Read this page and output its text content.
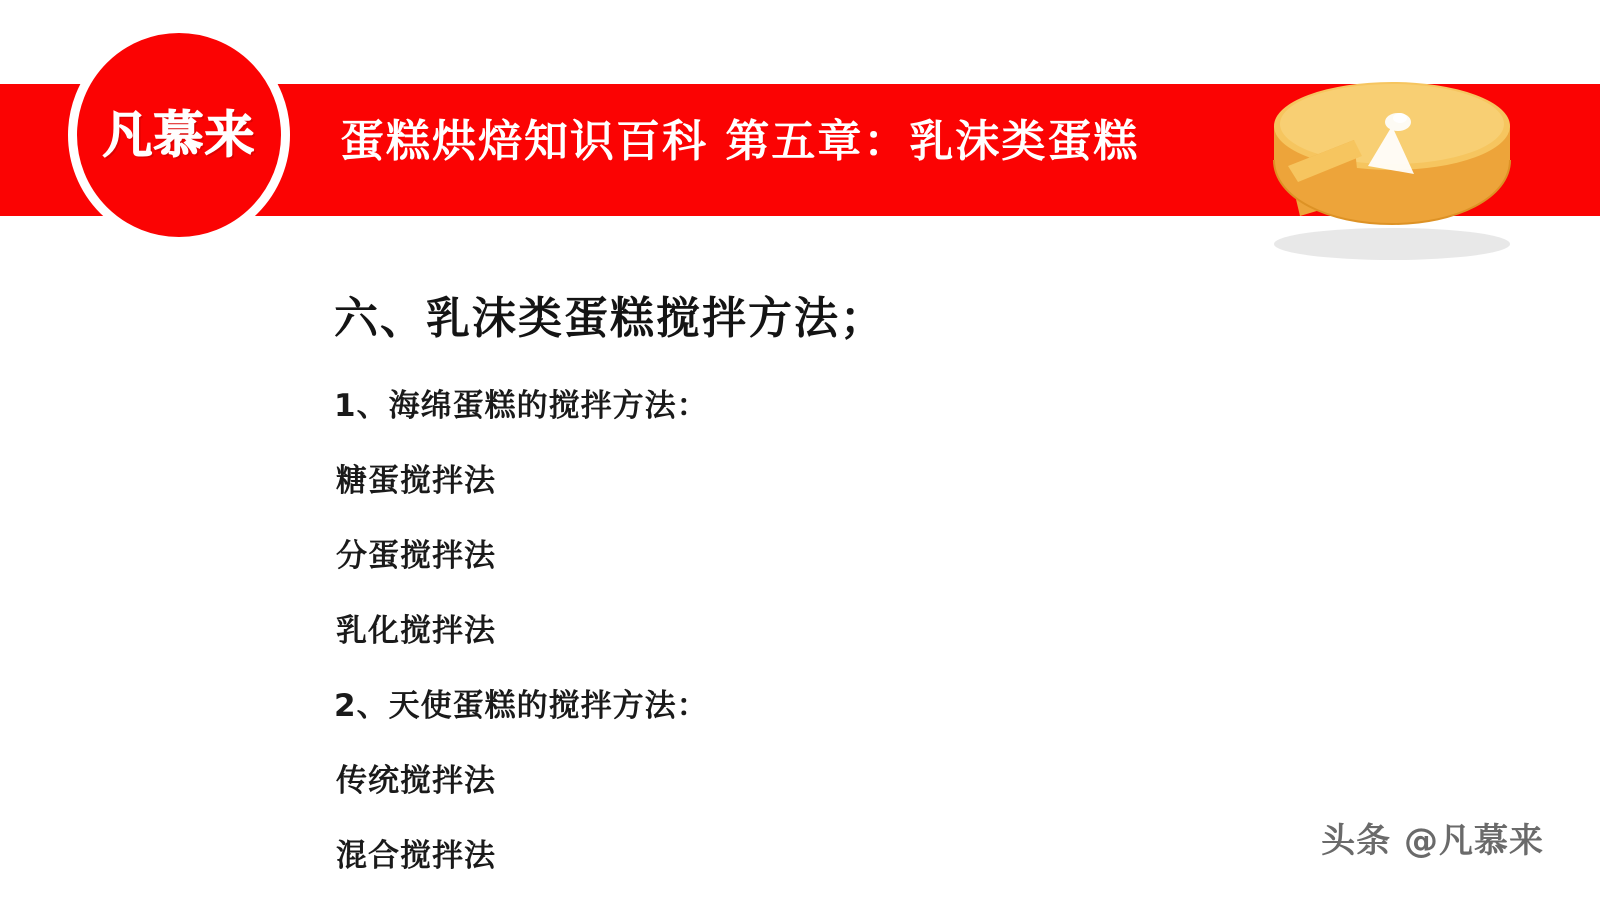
凡慕来 蛋糕烘焙知识百科 第五章：乳沫类蛋糕
六、乳沫类蛋糕搅拌方法；

1、海绵蛋糕的搅拌方法：

糖蛋搅拌法

分蛋搅拌法

乳化搅拌法

2、天使蛋糕的搅拌方法：

传统搅拌法

混合搅拌法	头条 @凡慕来
